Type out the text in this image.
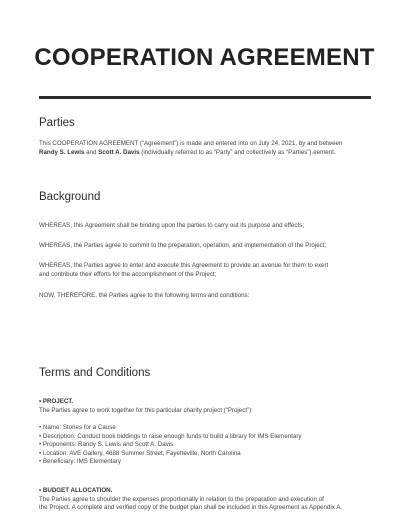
COOPERATION AGREEMENT
Parties
This COOPERATION AGREEMENT (“Agreement”) is made and entered into on July 24, 2021, by and between
Randy S. Lewis and Scott A. Davis (individually referred to as “Party” and collectively as “Parties”).eement.
Background
WHEREAS, this Agreement shall be binding upon the parties to carry out its purpose and effects;
WHEREAS, the Parties agree to commit to the preparation, operation, and implementation of the Project;
WHEREAS, the Parties agree to enter and execute this Agreement to provide an avenue for them to exert
and contribute their efforts for the accomplishment of the Project;
NOW, THEREFORE, the Parties agree to the following terms and conditions:
Terms and Conditions
• PROJECT.
The Parties agree to work together for this particular charity project (“Project”):
• Name: Stories for a Cause
• Description: Conduct book biddings to raise enough funds to build a library for IMS Elementary
• Proponents: Randy S. Lewis and Scott A. Davis
• Location: AVE Gallery, 4688 Summer Street, Fayetteville, North Carolina
• Beneficiary: IMS Elementary
• BUDGET ALLOCATION.
The Parties agree to shoulder the expenses proportionally in relation to the preparation and execution of
the Project. A complete and verified copy of the budget plan shall be included in this Agreement as Appendix A.
